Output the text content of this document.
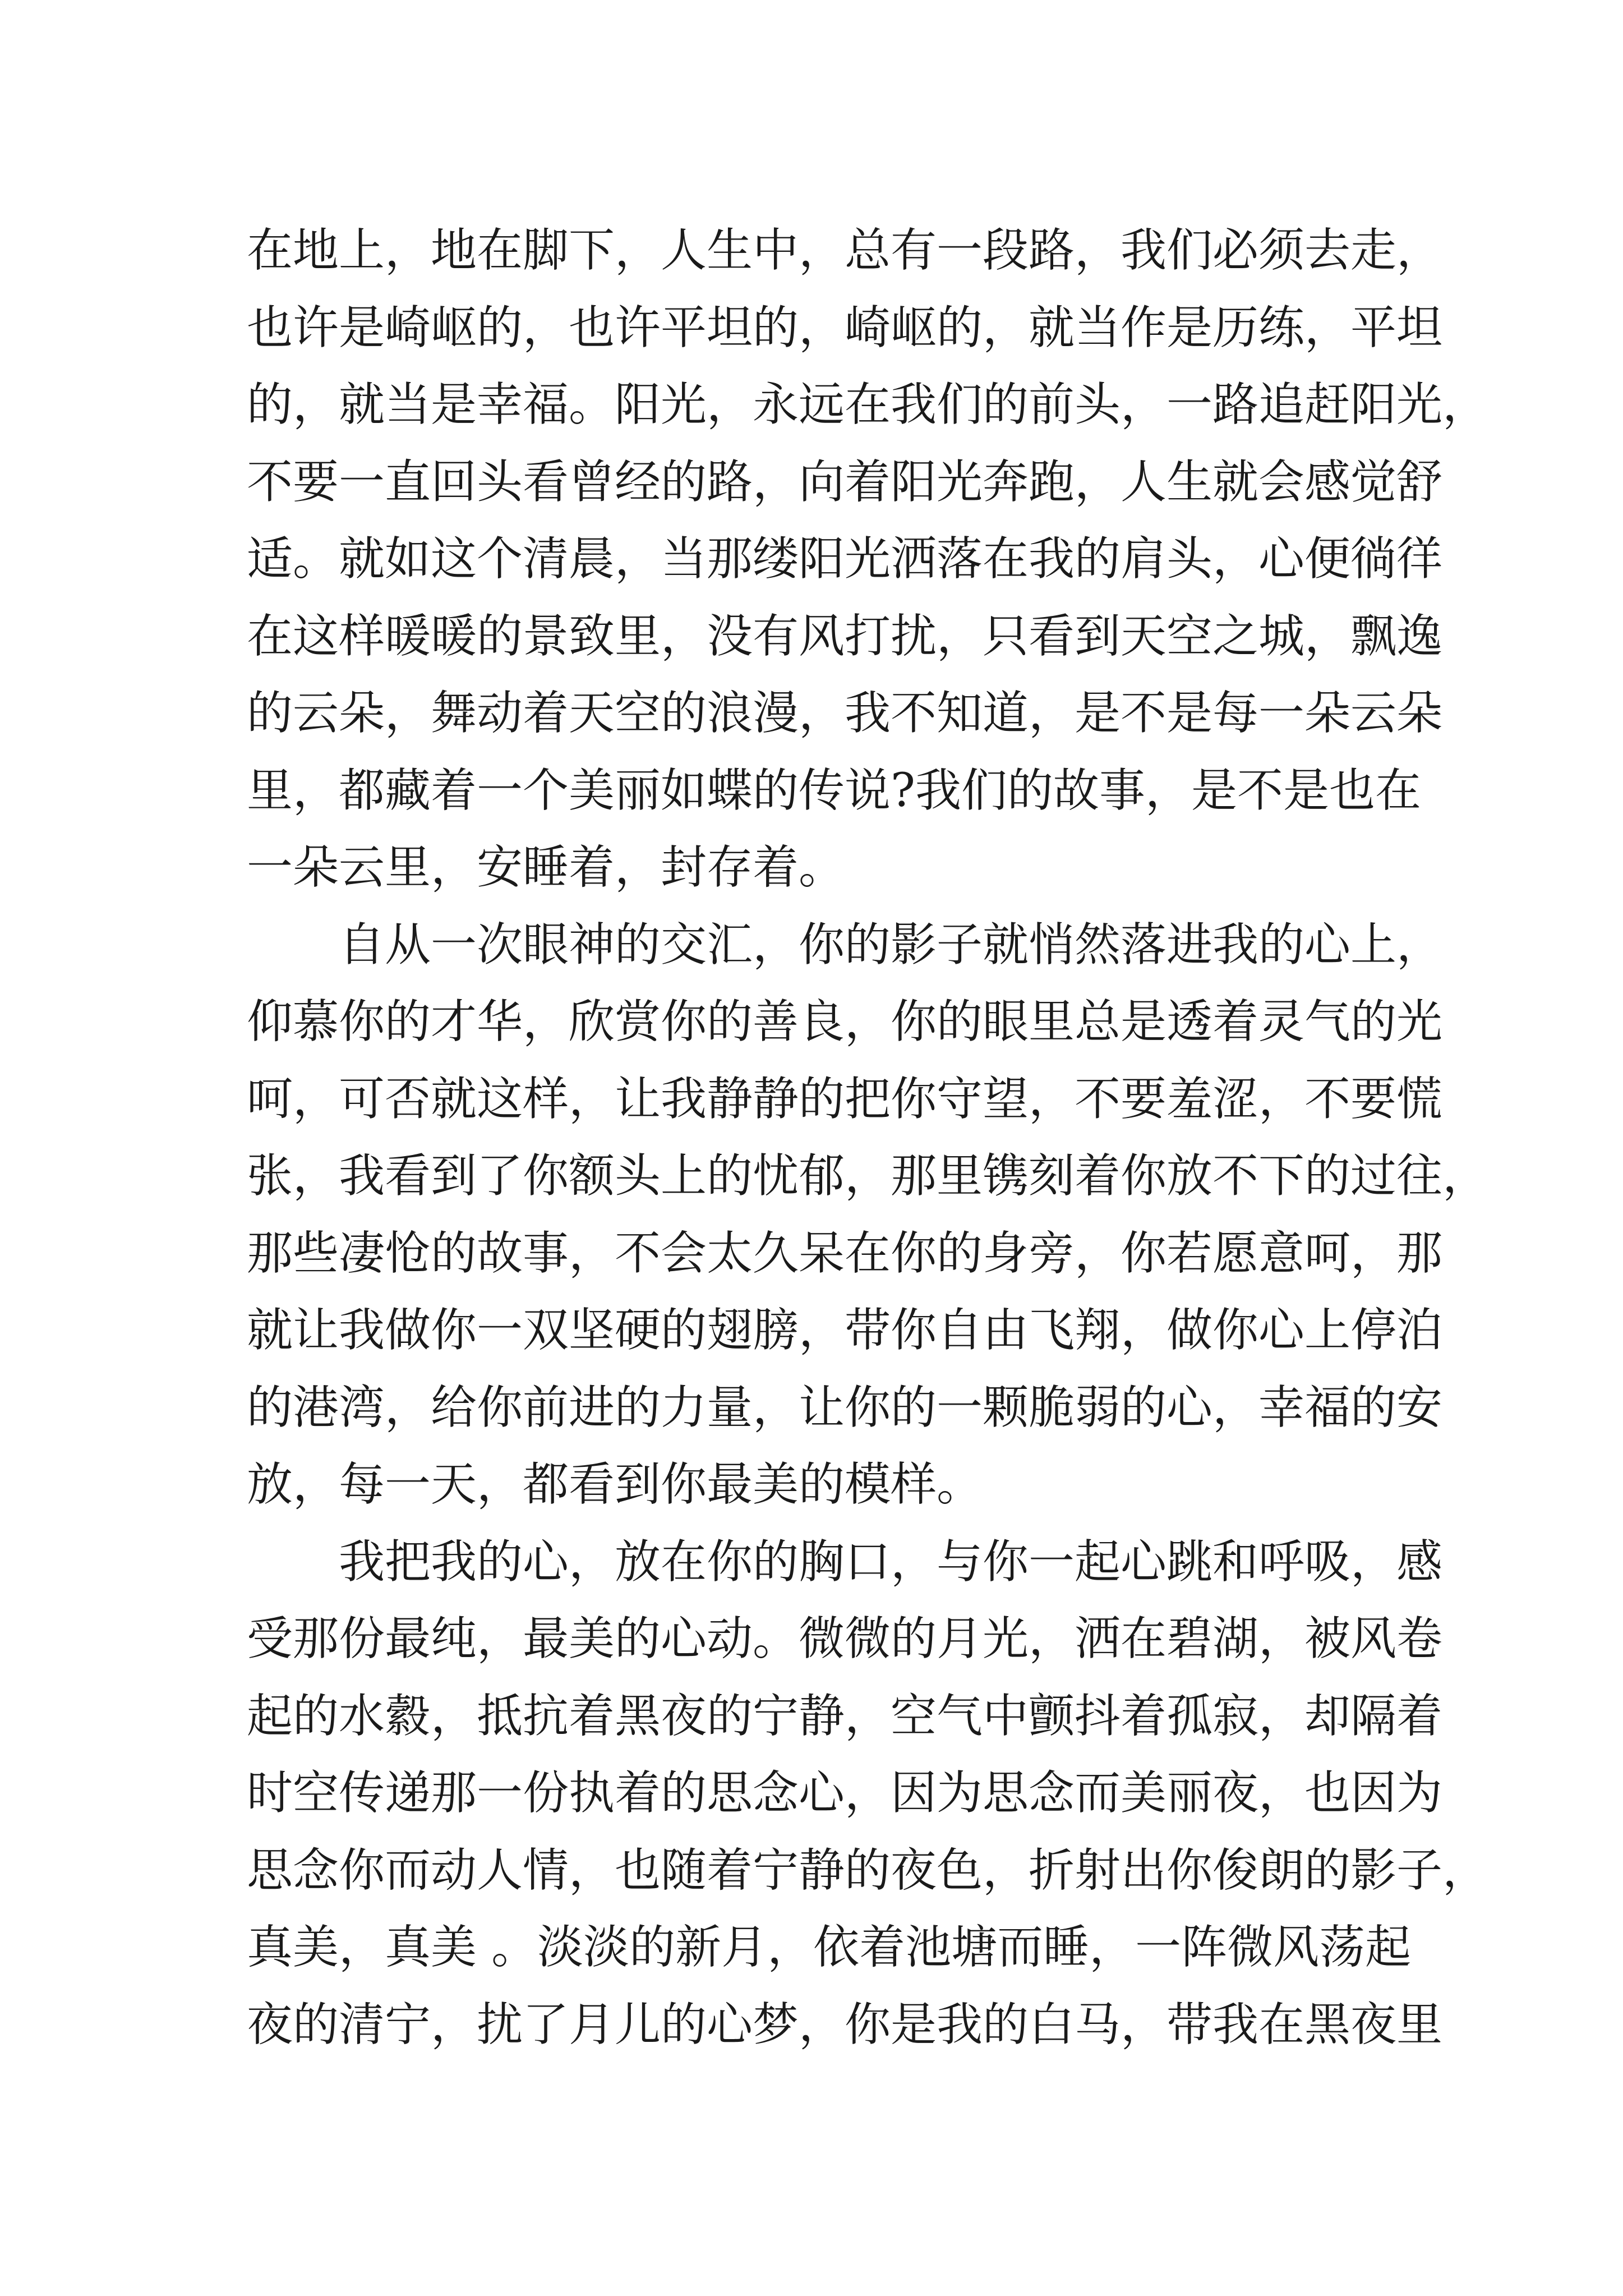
在地上，地在脚下，人生中，总有一段路，我们必须去走，
也许是崎岖的，也许平坦的，崎岖的，就当作是历练，平坦
的，就当是幸福。阳光，永远在我们的前头，一路追赶阳光，
不要一直回头看曾经的路，向着阳光奔跑，人生就会感觉舒
适。就如这个清晨，当那缕阳光洒落在我的肩头，心便徜徉
在这样暖暖的景致里，没有风打扰，只看到天空之城，飘逸
的云朵，舞动着天空的浪漫，我不知道，是不是每一朵云朵
里，都藏着一个美丽如蝶的传说?我们的故事，是不是也在
一朵云里，安睡着，封存着。
自从一次眼神的交汇，你的影子就悄然落进我的心上，
仰慕你的才华，欣赏你的善良，你的眼里总是透着灵气的光
呵，可否就这样，让我静静的把你守望，不要羞涩，不要慌
张，我看到了你额头上的忧郁，那里镌刻着你放不下的过往，
那些凄怆的故事，不会太久呆在你的身旁，你若愿意呵，那
就让我做你一双坚硬的翅膀，带你自由飞翔，做你心上停泊
的港湾，给你前进的力量，让你的一颗脆弱的心，幸福的安
放，每一天，都看到你最美的模样。
我把我的心，放在你的胸口，与你一起心跳和呼吸，感
受那份最纯，最美的心动。微微的月光，洒在碧湖，被风卷
起的水縠，抵抗着黑夜的宁静，空气中颤抖着孤寂，却隔着
时空传递那一份执着的思念心，因为思念而美丽夜，也因为
思念你而动人情，也随着宁静的夜色，折射出你俊朗的影子，
真美，真美 。淡淡的新月，依着池塘而睡，一阵微风荡起
夜的清宁，扰了月儿的心梦，你是我的白马，带我在黑夜里
